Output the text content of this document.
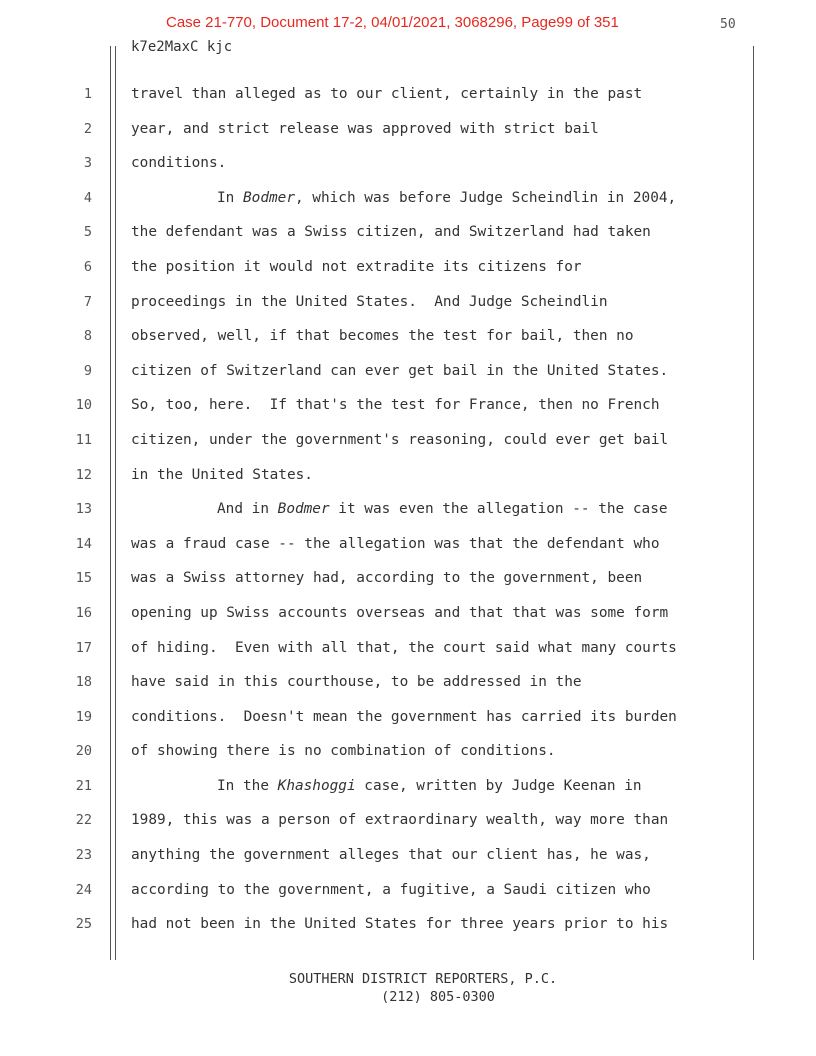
Case 21-770, Document 17-2, 04/01/2021, 3068296, Page99 of 351	50
k7e2MaxC kjc
1	travel than alleged as to our client, certainly in the past
2	year, and strict release was approved with strict bail
3	conditions.
4	In Bodmer, which was before Judge Scheindlin in 2004,
5	the defendant was a Swiss citizen, and Switzerland had taken
6	the position it would not extradite its citizens for
7	proceedings in the United States.  And Judge Scheindlin
8	observed, well, if that becomes the test for bail, then no
9	citizen of Switzerland can ever get bail in the United States.
10	So, too, here.  If that's the test for France, then no French
11	citizen, under the government's reasoning, could ever get bail
12	in the United States.
13	And in Bodmer it was even the allegation -- the case
14	was a fraud case -- the allegation was that the defendant who
15	was a Swiss attorney had, according to the government, been
16	opening up Swiss accounts overseas and that that was some form
17	of hiding.  Even with all that, the court said what many courts
18	have said in this courthouse, to be addressed in the
19	conditions.  Doesn't mean the government has carried its burden
20	of showing there is no combination of conditions.
21	In the Khashoggi case, written by Judge Keenan in
22	1989, this was a person of extraordinary wealth, way more than
23	anything the government alleges that our client has, he was,
24	according to the government, a fugitive, a Saudi citizen who
25	had not been in the United States for three years prior to his
SOUTHERN DISTRICT REPORTERS, P.C.
(212) 805-0300
